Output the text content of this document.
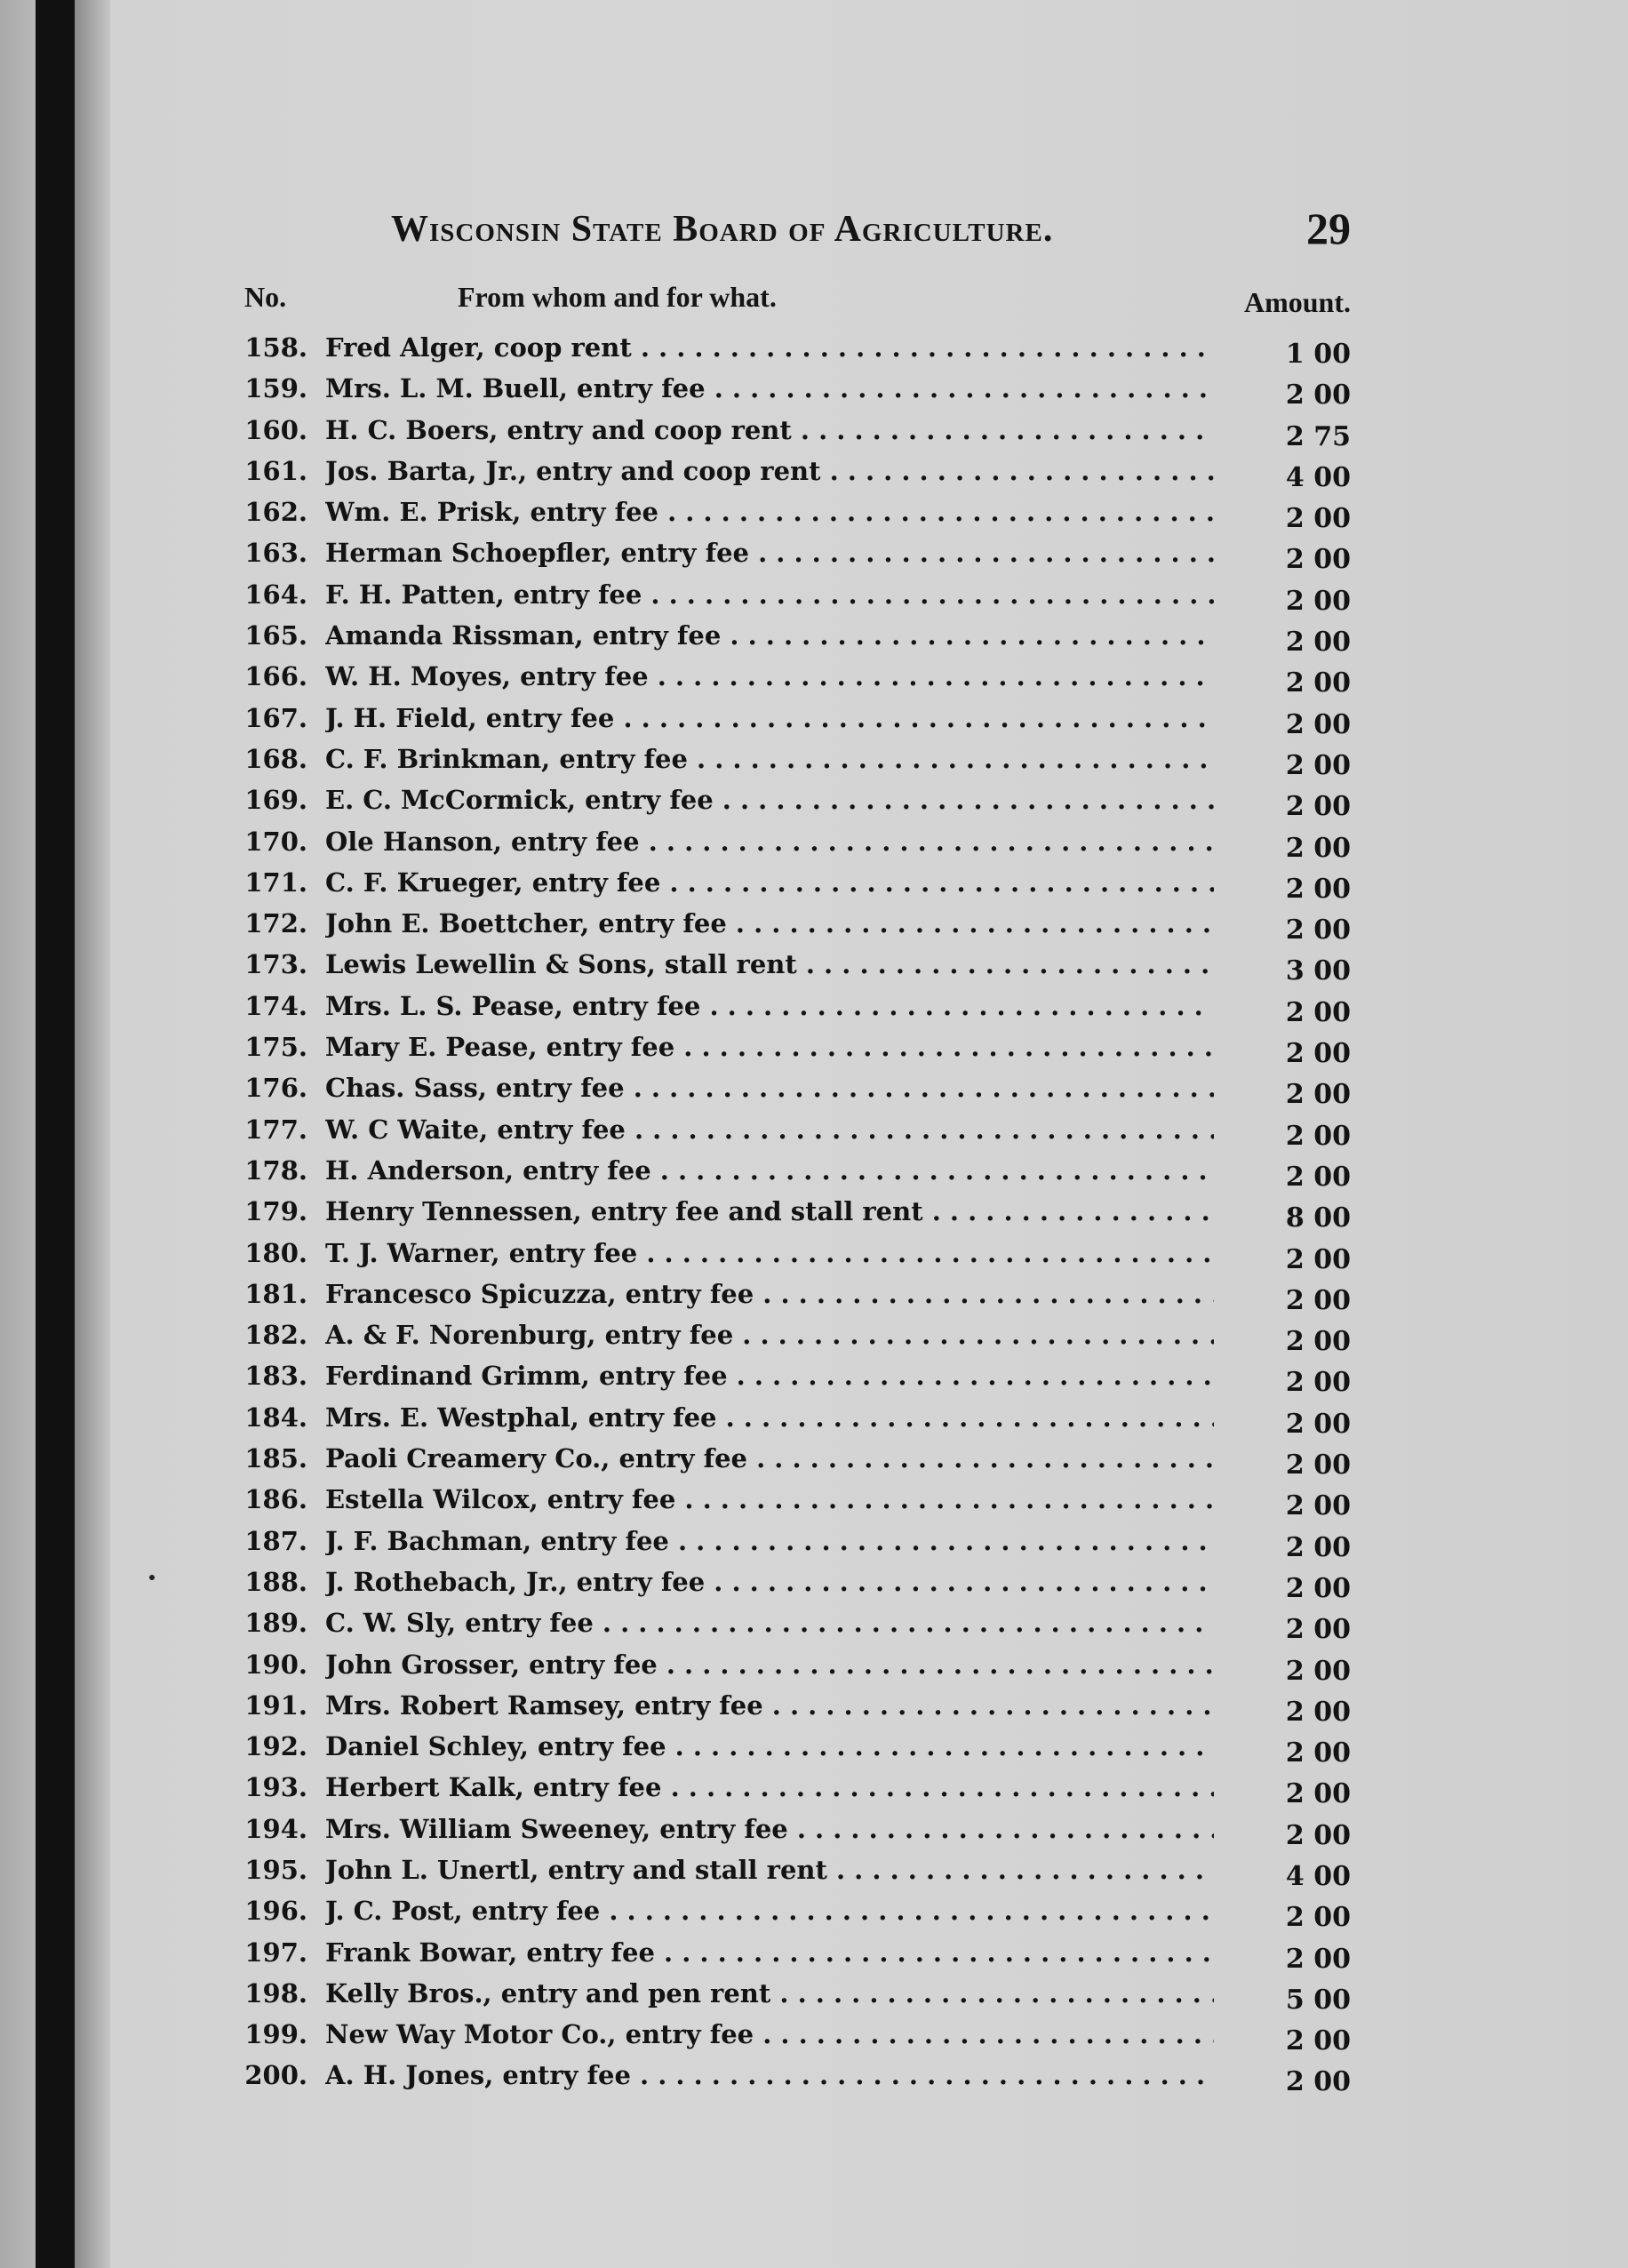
Wisconsin State Board of Agriculture.	29
No.	From whom and for what.	Amount.
158. Fred Alger, coop rent . . .	1 00
159. Mrs. L. M. Buell, entry fee . . .	2 00
160. H. C. Boers, entry and coop rent . . .	2 75
161. Jos. Barta, Jr., entry and coop rent . . .	4 00
162. Wm. E. Prisk, entry fee . . .	2 00
163. Herman Schoepfler, entry fee . . .	2 00
164. F. H. Patten, entry fee . . .	2 00
165. Amanda Rissman, entry fee . . .	2 00
166. W. H. Moyes, entry fee . . .	2 00
167. J. H. Field, entry fee . . .	2 00
168. C. F. Brinkman, entry fee . . .	2 00
169. E. C. McCormick, entry fee . . .	2 00
170. Ole Hanson, entry fee . . .	2 00
171. C. F. Krueger, entry fee . . .	2 00
172. John E. Boettcher, entry fee . . .	2 00
173. Lewis Lewellin & Sons, stall rent . . .	3 00
174. Mrs. L. S. Pease, entry fee . . .	2 00
175. Mary E. Pease, entry fee . . .	2 00
176. Chas. Sass, entry fee . . .	2 00
177. W. C Waite, entry fee . . .	2 00
178. H. Anderson, entry fee . . .	2 00
179. Henry Tennessen, entry fee and stall rent . . .	8 00
180. T. J. Warner, entry fee . . .	2 00
181. Francesco Spicuzza, entry fee . . .	2 00
182. A. & F. Norenburg, entry fee . . .	2 00
183. Ferdinand Grimm, entry fee . . .	2 00
184. Mrs. E. Westphal, entry fee . . .	2 00
185. Paoli Creamery Co., entry fee . . .	2 00
186. Estella Wilcox, entry fee . . .	2 00
187. J. F. Bachman, entry fee . . .	2 00
188. J. Rothebach, Jr., entry fee . . .	2 00
189. C. W. Sly, entry fee . . .	2 00
190. John Grosser, entry fee . . .	2 00
191. Mrs. Robert Ramsey, entry fee . . .	2 00
192. Daniel Schley, entry fee . . .	2 00
193. Herbert Kalk, entry fee . . .	2 00
194. Mrs. William Sweeney, entry fee . . .	2 00
195. John L. Unertl, entry and stall rent . . .	4 00
196. J. C. Post, entry fee . . .	2 00
197. Frank Bowar, entry fee . . .	2 00
198. Kelly Bros., entry and pen rent . . .	5 00
199. New Way Motor Co., entry fee . . .	2 00
200. A. H. Jones, entry fee . . .	2 00
